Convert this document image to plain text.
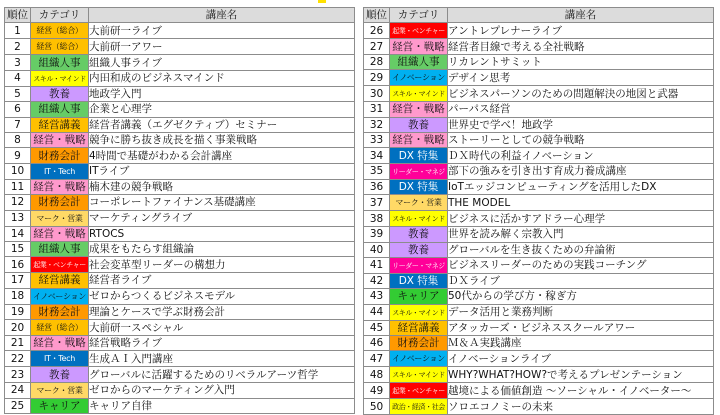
順位	カテゴリ	講座名
1	経営（総合）	大前研一ライブ
2	経営（総合）	大前研一アワー
3	組織人事	組織人事ライブ
4	スキル・マインド	内田和成のビジネスマインド
5	教養	地政学入門
6	組織人事	企業と心理学
7	経営講義	経営者講義（エグゼクティブ）セミナー
8	経営・戦略	競争に勝ち抜き成長を描く事業戦略
9	財務会計	4時間で基礎がわかる会計講座
10	IT・Tech	ITライブ
11	経営・戦略	楠木建の競争戦略
12	財務会計	コーポレートファイナンス基礎講座
13	マーク・営業	マーケティングライブ
14	経営・戦略	RTOCS
15	組織人事	成果をもたらす組織論
16	起業・ベンチャー	社会変革型リーダーの構想力
17	経営講義	経営者ライブ
18	イノベーション	ゼロからつくるビジネスモデル
19	財務会計	理論とケースで学ぶ財務会計
20	経営（総合）	大前研一スペシャル
21	経営・戦略	経営戦略ライブ
22	IT・Tech	生成ＡＩ入門講座
23	教養	グローバルに活躍するためのリベラルアーツ哲学
24	マーク・営業	ゼロからのマーケティング入門
25	キャリア	キャリア自律
順位	カテゴリ	講座名
26	起業・ベンチャー	アントレプレナーライブ
27	経営・戦略	経営者目線で考える全社戦略
28	組織人事	リカレントサミット
29	イノベーション	デザイン思考
30	スキル・マインド	ビジネスパーソンのための問題解決の地図と武器
31	経営・戦略	パーパス経営
32	教養	世界史で学べ！地政学
33	経営・戦略	ストーリーとしての競争戦略
34	DX 特集	ＤＸ時代の利益イノベーション
35	リーダー・マネジ	部下の強みを引き出す育成力養成講座
36	DX 特集	IoTエッジコンピューティングを活用したDX
37	マーク・営業	THE MODEL
38	スキル・マインド	ビジネスに活かすアドラー心理学
39	教養	世界を読み解く宗教入門
40	教養	グローバルを生き抜くための弁論術
41	リーダー・マネジ	ビジネスリーダーのための実践コーチング
42	DX 特集	ＤＸライブ
43	キャリア	50代からの学び方・稼ぎ方
44	スキル・マインド	データ活用と業務判断
45	経営講義	アタッカーズ・ビジネススクールアワー
46	財務会計	Ｍ＆Ａ実践講座
47	イノベーション	イノベーションライブ
48	スキル・マインド	WHY?WHAT?HOW?で考えるプレゼンテーション
49	起業・ベンチャー	越境による価値創造 ～ソーシャル・イノベーター～
50	政治・経済・社会	ソロエコノミーの未来
